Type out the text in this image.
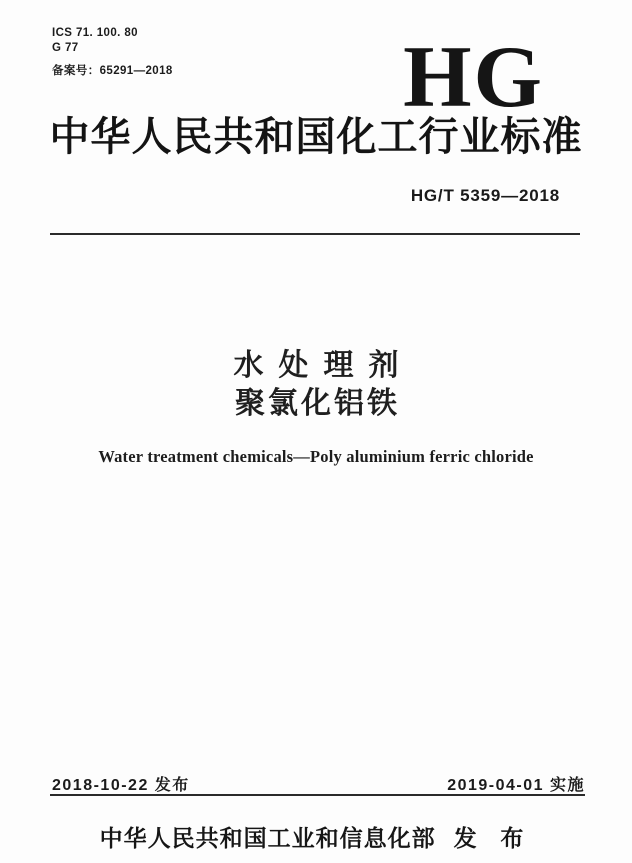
ICS 71. 100. 80
G 77
备案号：65291—2018	HG
中华人民共和国化工行业标准
HG/T 5359—2018
水处理剂
聚氯化铝铁
Water treatment chemicals—Poly aluminium ferric chloride
2018-10-22 发布	2019-04-01 实施
中华人民共和国工业和信息化部 发 布
